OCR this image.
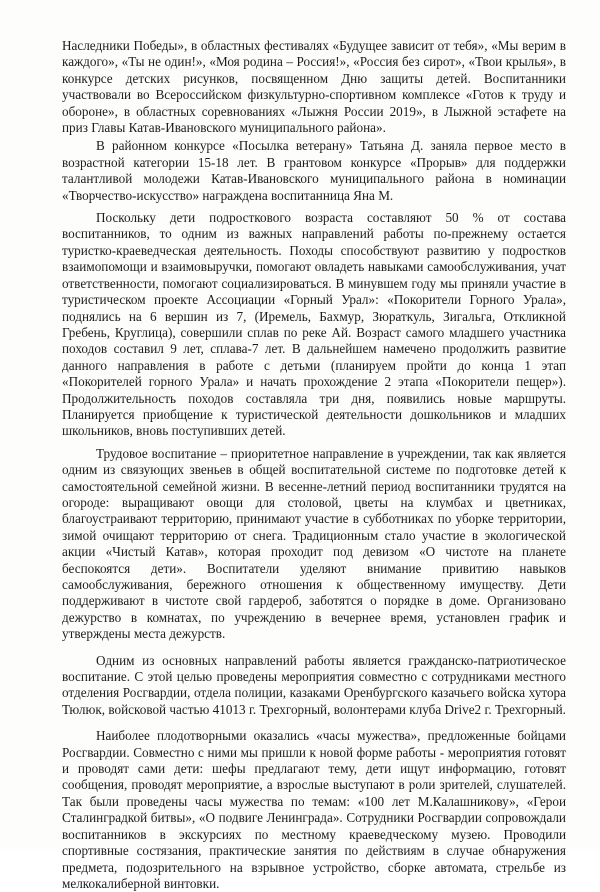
Наследники Победы», в областных фестивалях «Будущее зависит от тебя», «Мы верим в каждого», «Ты не один!», «Моя родина – Россия!», «Россия без сирот», «Твои крылья», в конкурсе детских рисунков, посвященном Дню защиты детей. Воспитанники участвовали во Всероссийском физкультурно-спортивном комплексе «Готов к труду и обороне», в областных соревнованиях «Лыжня России 2019», в Лыжной эстафете на приз Главы Катав-Ивановского муниципального района».

В районном конкурсе «Посылка ветерану» Татьяна Д. заняла первое место в возрастной категории 15-18 лет. В грантовом конкурсе «Прорыв» для поддержки талантливой молодежи Катав-Ивановского муниципального района в номинации «Творчество-искусство» награждена воспитанница Яна М.

Поскольку дети подросткового возраста составляют 50 % от состава воспитанников, то одним из важных направлений работы по-прежнему остается туристко-краеведческая деятельность. Походы способствуют развитию у подростков взаимопомощи и взаимовыручки, помогают овладеть навыками самообслуживания, учат ответственности, помогают социализироваться. В минувшем году мы приняли участие в туристическом проекте Ассоциации «Горный Урал»: «Покорители Горного Урала», поднялись на 6 вершин из 7, (Иремель, Бахмур, Зюраткуль, Зигальга, Откликной Гребень, Круглица), совершили сплав по реке Ай. Возраст самого младшего участника походов составил 9 лет, сплава-7 лет. В дальнейшем намечено продолжить развитие данного направления в работе с детьми (планируем пройти до конца 1 этап «Покорителей горного Урала» и начать прохождение 2 этапа «Покорители пещер»). Продолжительность походов составляла три дня, появились новые маршруты. Планируется приобщение к туристической деятельности дошкольников и младших школьников, вновь поступивших детей.

Трудовое воспитание – приоритетное направление в учреждении, так как является одним из связующих звеньев в общей воспитательной системе по подготовке детей к самостоятельной семейной жизни. В весенне-летний период воспитанники трудятся на огороде: выращивают овощи для столовой, цветы на клумбах и цветниках, благоустраивают территорию, принимают участие в субботниках по уборке территории, зимой очищают территорию от снега. Традиционным стало участие в экологической акции «Чистый Катав», которая проходит под девизом «О чистоте на планете беспокоятся дети». Воспитатели уделяют внимание привитию навыков самообслуживания, бережного отношения к общественному имуществу. Дети поддерживают в чистоте свой гардероб, заботятся о порядке в доме. Организовано дежурство в комнатах, по учреждению в вечернее время, установлен график и утверждены места дежурств.

Одним из основных направлений работы является гражданско-патриотическое воспитание. С этой целью проведены мероприятия совместно с сотрудниками местного отделения Росгвардии, отдела полиции, казаками Оренбургского казачьего войска хутора Тюлюк, войсковой частью 41013 г. Трехгорный, волонтерами клуба Drive2 г. Трехгорный.

Наиболее плодотворными оказались «часы мужества», предложенные бойцами Росгвардии. Совместно с ними мы пришли к новой форме работы - мероприятия готовят и проводят сами дети: шефы предлагают тему, дети ищут информацию, готовят сообщения, проводят мероприятие, а взрослые выступают в роли зрителей, слушателей. Так были проведены часы мужества по темам: «100 лет М.Калашникову», «Герои Сталинградкой битвы», «О подвиге Ленинграда». Сотрудники Росгвардии сопровождали воспитанников в экскурсиях по местному краеведческому музею. Проводили спортивные состязания, практические занятия по действиям в случае обнаружения предмета, подозрительного на взрывное устройство, сборке автомата, стрельбе из мелкокалиберной винтовки.
